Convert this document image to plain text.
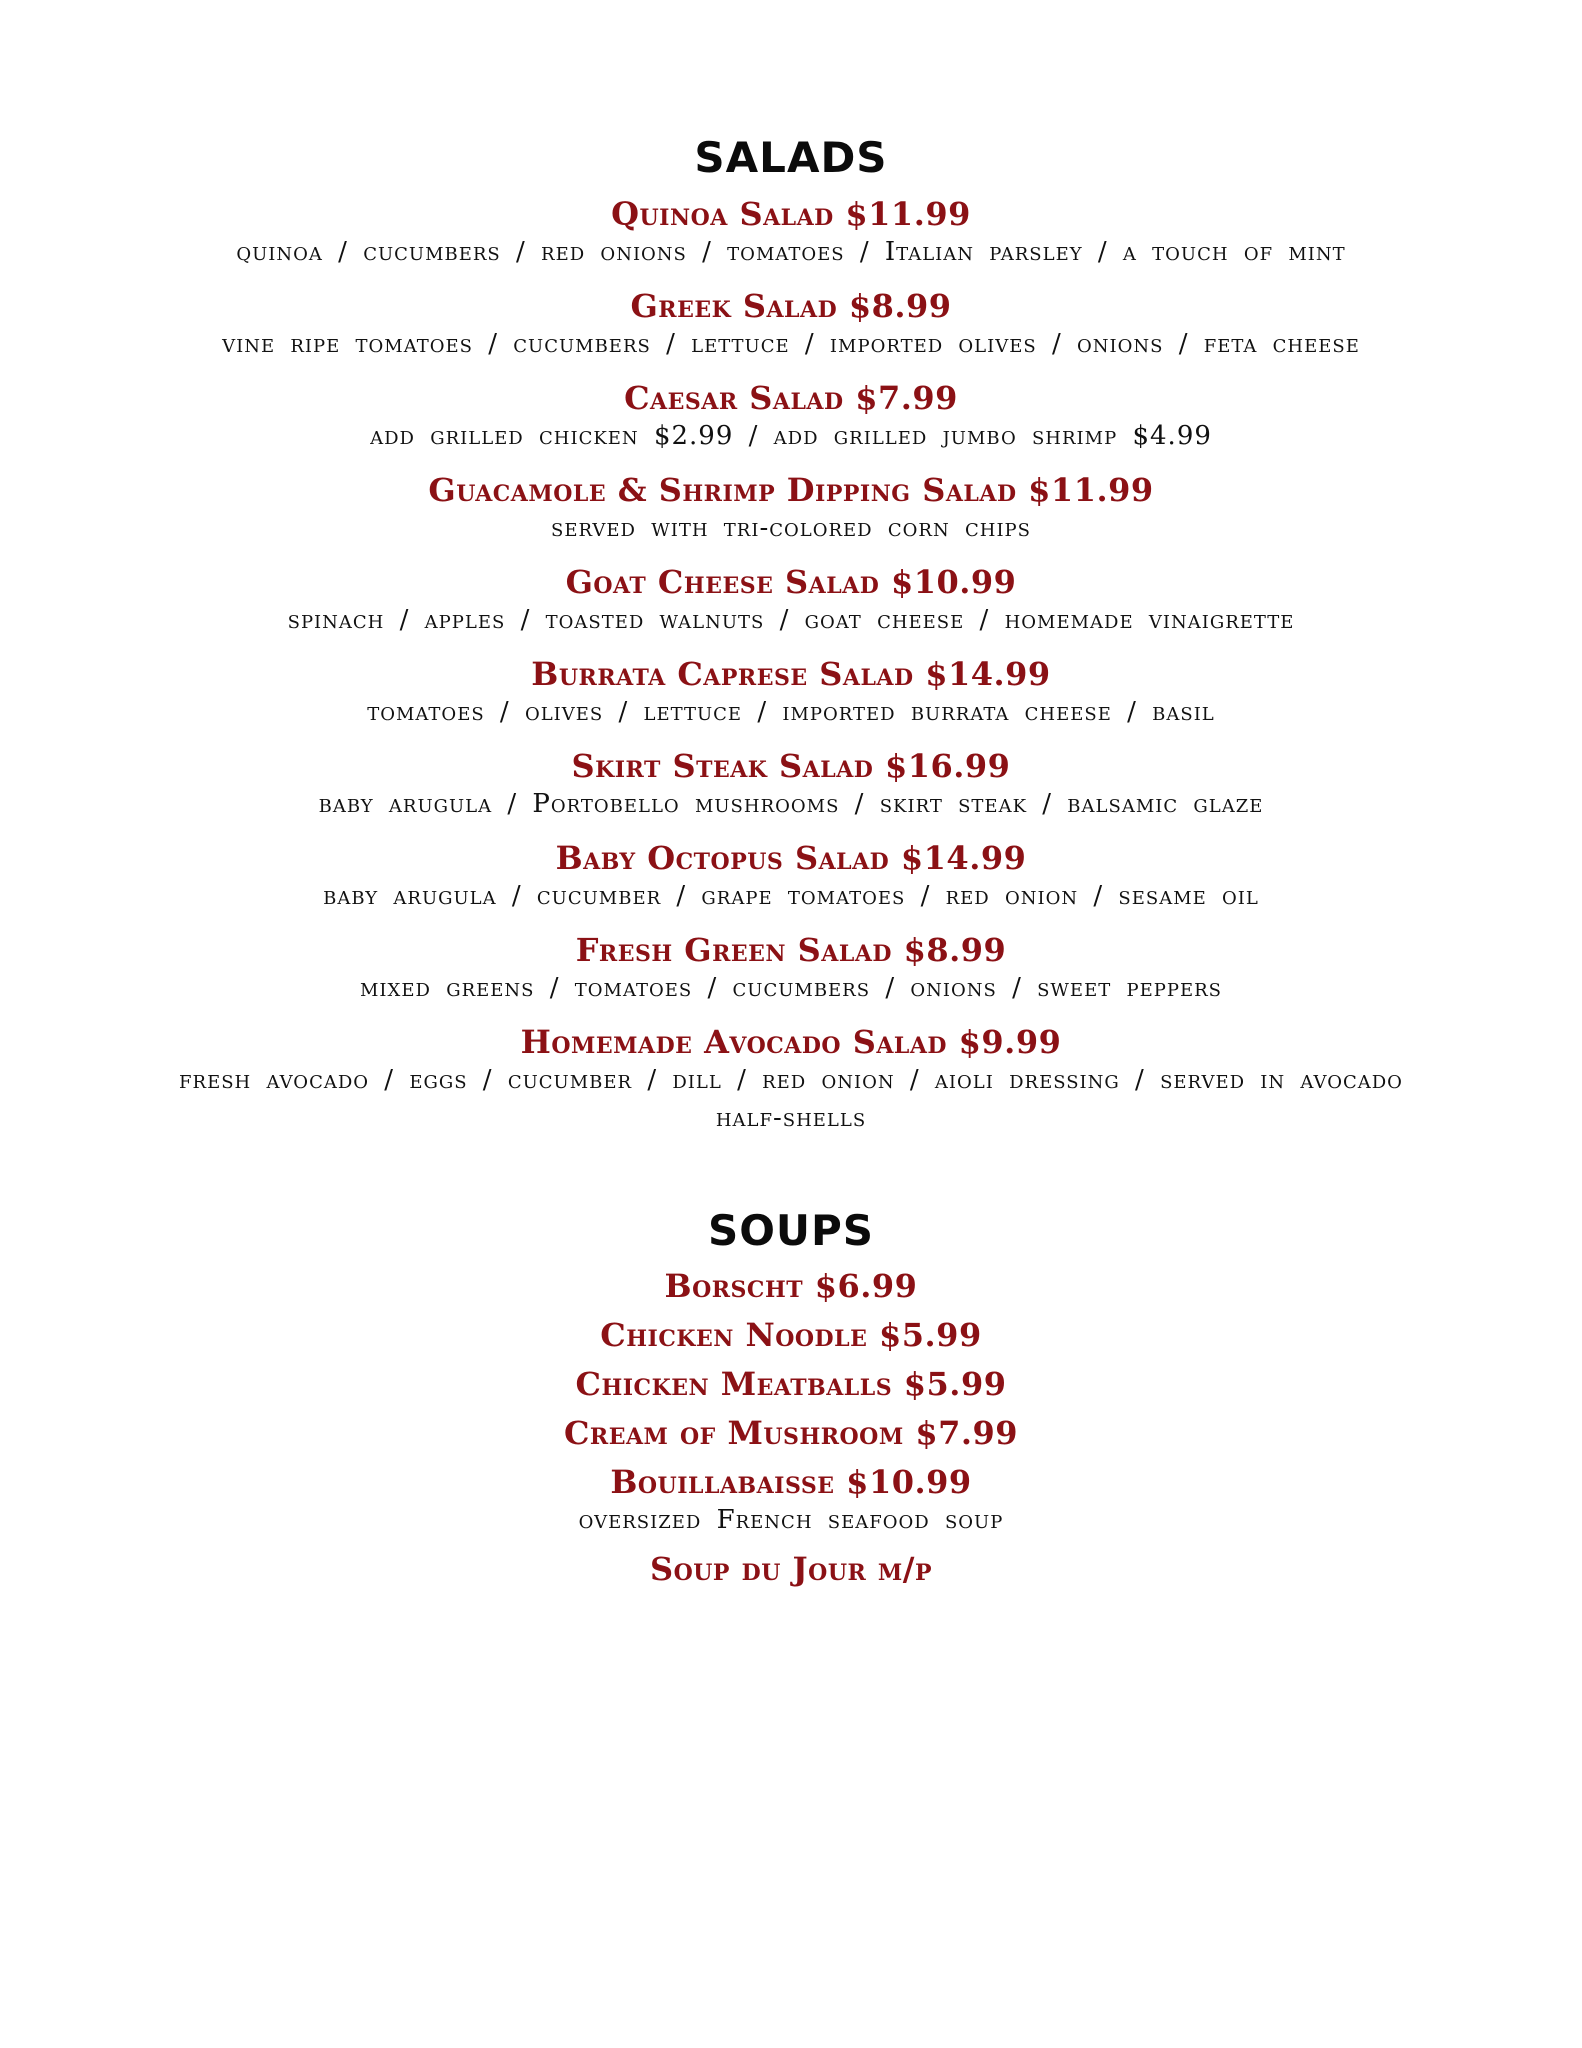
SALADS
Quinoa Salad $11.99
quinoa / cucumbers / red onions / tomatoes / Italian parsley / a touch of mint
Greek Salad $8.99
vine ripe tomatoes / cucumbers / lettuce / imported olives / onions / feta cheese
Caesar Salad $7.99
add grilled chicken $2.99 / add grilled jumbo shrimp $4.99
Guacamole & Shrimp Dipping Salad $11.99
served with tri-colored corn chips
Goat Cheese Salad $10.99
spinach / apples / toasted walnuts / goat cheese / homemade vinaigrette
Burrata Caprese Salad $14.99
tomatoes / olives / lettuce / imported burrata cheese / basil
Skirt Steak Salad $16.99
baby arugula / Portobello mushrooms / skirt steak / balsamic glaze
Baby Octopus Salad $14.99
baby arugula / cucumber / grape tomatoes / red onion / sesame oil
Fresh Green Salad $8.99
mixed greens / tomatoes / cucumbers / onions / sweet peppers
Homemade Avocado Salad $9.99
fresh avocado / eggs / cucumber / dill / red onion / aioli dressing / served in avocado half-shells
SOUPS
Borscht $6.99
Chicken Noodle $5.99
Chicken Meatballs $5.99
Cream of Mushroom $7.99
Bouillabaisse $10.99
oversized French seafood soup
Soup du Jour m/p
